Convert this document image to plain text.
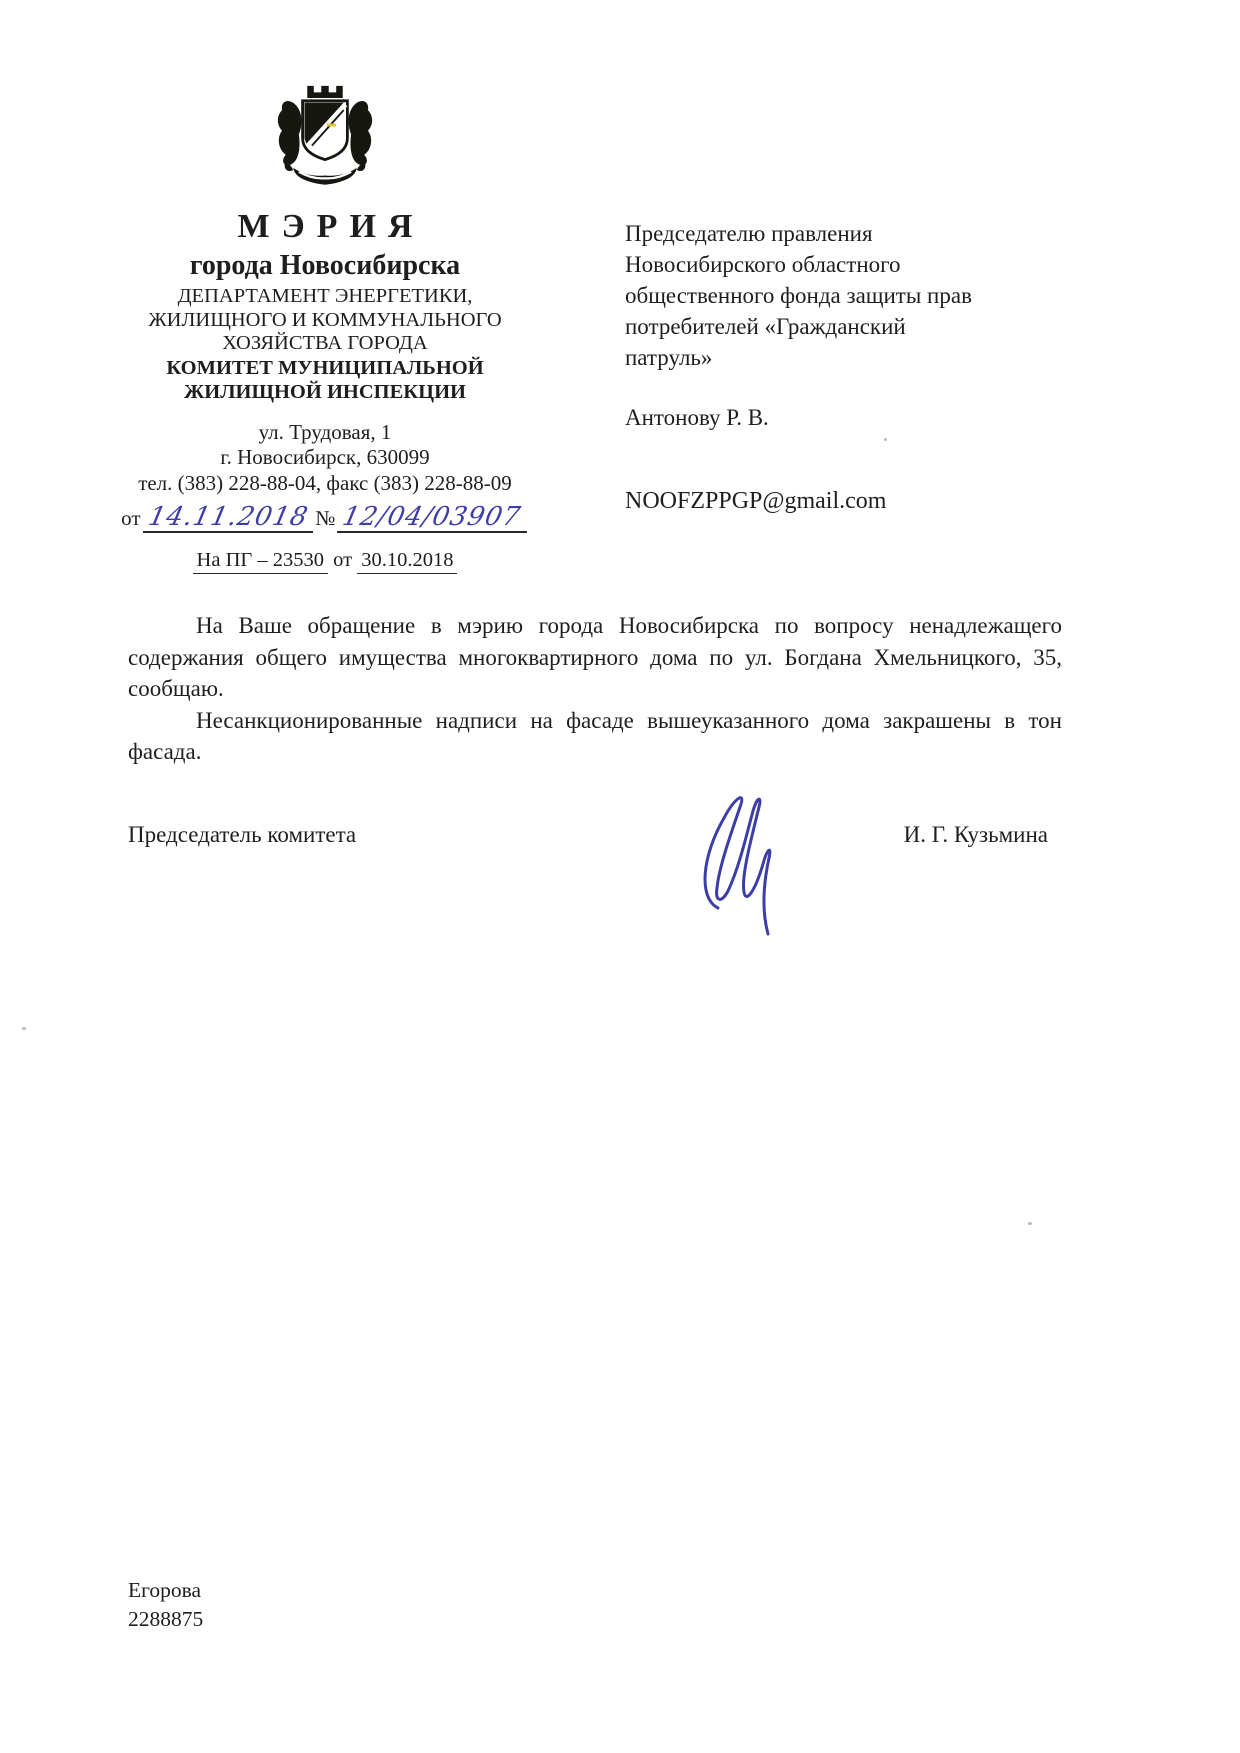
МЭРИЯ
города Новосибирска
ДЕПАРТАМЕНТ ЭНЕРГЕТИКИ,
ЖИЛИЩНОГО И КОММУНАЛЬНОГО
ХОЗЯЙСТВА ГОРОДА
КОМИТЕТ МУНИЦИПАЛЬНОЙ
ЖИЛИЩНОЙ ИНСПЕКЦИИ
ул. Трудовая, 1
г. Новосибирск, 630099
тел. (383) 228-88-04, факс (383) 228-88-09
от 14.11.2018 № 12/04/03907
На ПГ – 23530 от 30.10.2018
Председателю правления
Новосибирского областного
общественного фонда защиты прав
потребителей «Гражданский
патруль»
Антонову Р. В.
NOOFZPPGP@gmail.com

На Ваше обращение в мэрию города Новосибирска по вопросу ненадлежащего содержания общего имущества многоквартирного дома по ул. Богдана Хмельницкого, 35, сообщаю.

Несанкционированные надписи на фасаде вышеуказанного дома закрашены в тон фасада.

Председатель комитета	И. Г. Кузьмина
Егорова
2288875
